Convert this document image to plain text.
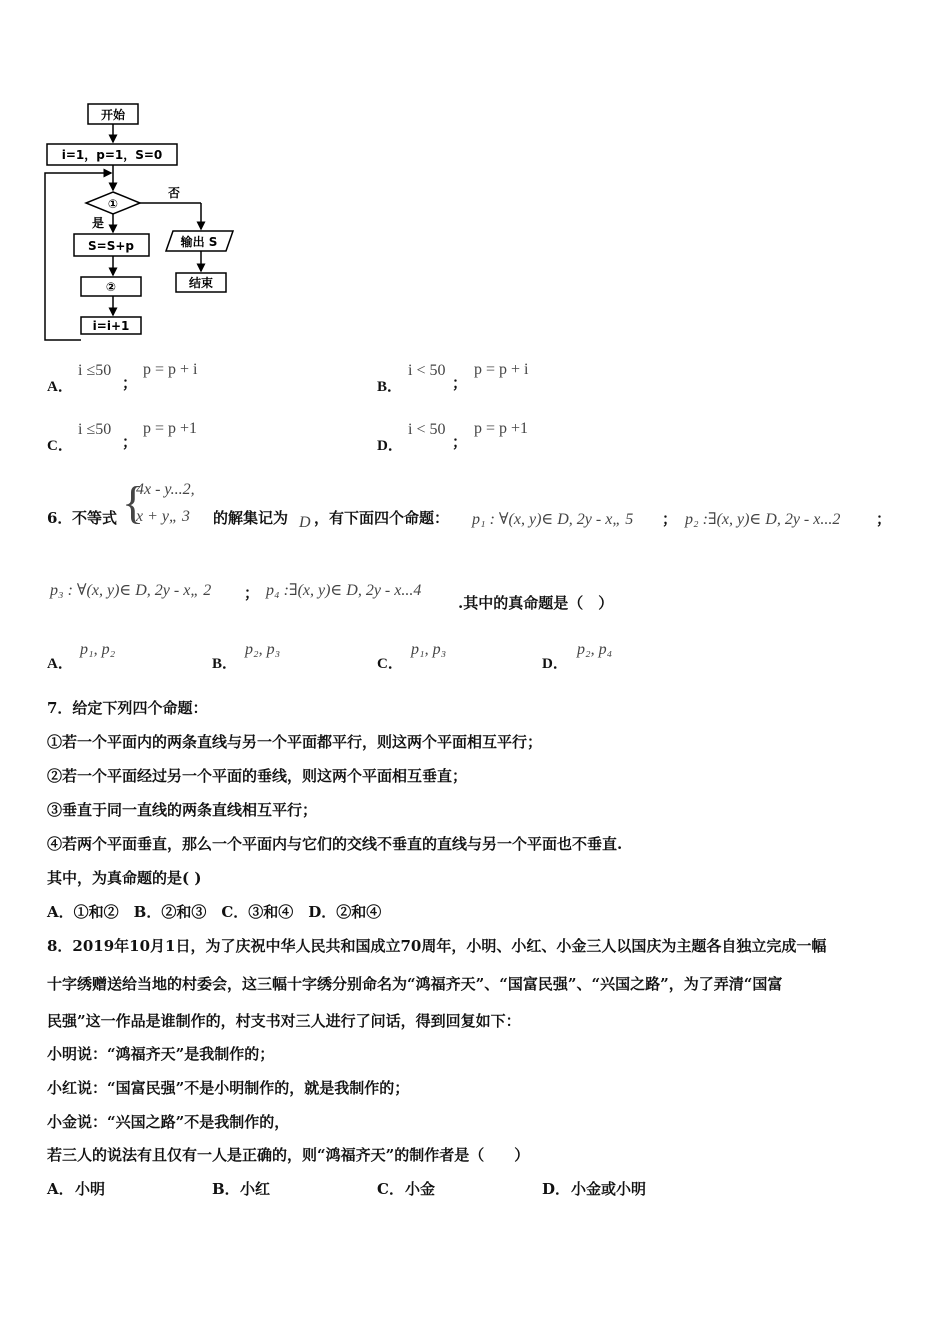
开始
i=1，p=1，S=0
①
否
输出 S
结束
是
S=S+p
②
i=i+1
A．
i ≤50
；
p = p + i
B．
i < 50
；
p = p + i
C．
i ≤50
；
p = p +1
D．
i < 50
；
p = p +1
6． 不等式 {
4x - y...2,
x + y„ 3 的解集记为 D ，有下面四个命题： p₁ : ∀(x, y)∈ D, 2y - x„ 5 ； p₂ :∃(x, y)∈ D, 2y - x...2 ；
p₃ : ∀(x, y)∈ D, 2y - x„ 2 ； p₄ :∃(x, y)∈ D, 2y - x...4
.其中的真命题是（　）
A．
p₁, p₂
B．
p₂, p₃
C．
p₁, p₃
D．
p₂, p₄
7．给定下列四个命题：
①若一个平面内的两条直线与另一个平面都平行，则这两个平面相互平行；
②若一个平面经过另一个平面的垂线，则这两个平面相互垂直；
③垂直于同一直线的两条直线相互平行；
④若两个平面垂直，那么一个平面内与它们的交线不垂直的直线与另一个平面也不垂直.
其中，为真命题的是( )
A．①和②　B．②和③　C．③和④　D．②和④
8．2019年10月1日，为了庆祝中华人民共和国成立70周年，小明、小红、小金三人以国庆为主题各自独立完成一幅
十字绣赠送给当地的村委会，这三幅十字绣分别命名为“鸿福齐天”、“国富民强”、“兴国之路”，为了弄清“国富
民强”这一作品是谁制作的，村支书对三人进行了问话，得到回复如下：
小明说：“鸿福齐天”是我制作的；
小红说：“国富民强”不是小明制作的，就是我制作的；
小金说：“兴国之路”不是我制作的，
若三人的说法有且仅有一人是正确的，则“鸿福齐天”的制作者是（　　）
A． 小明	B． 小红	C． 小金	D． 小金或小明
